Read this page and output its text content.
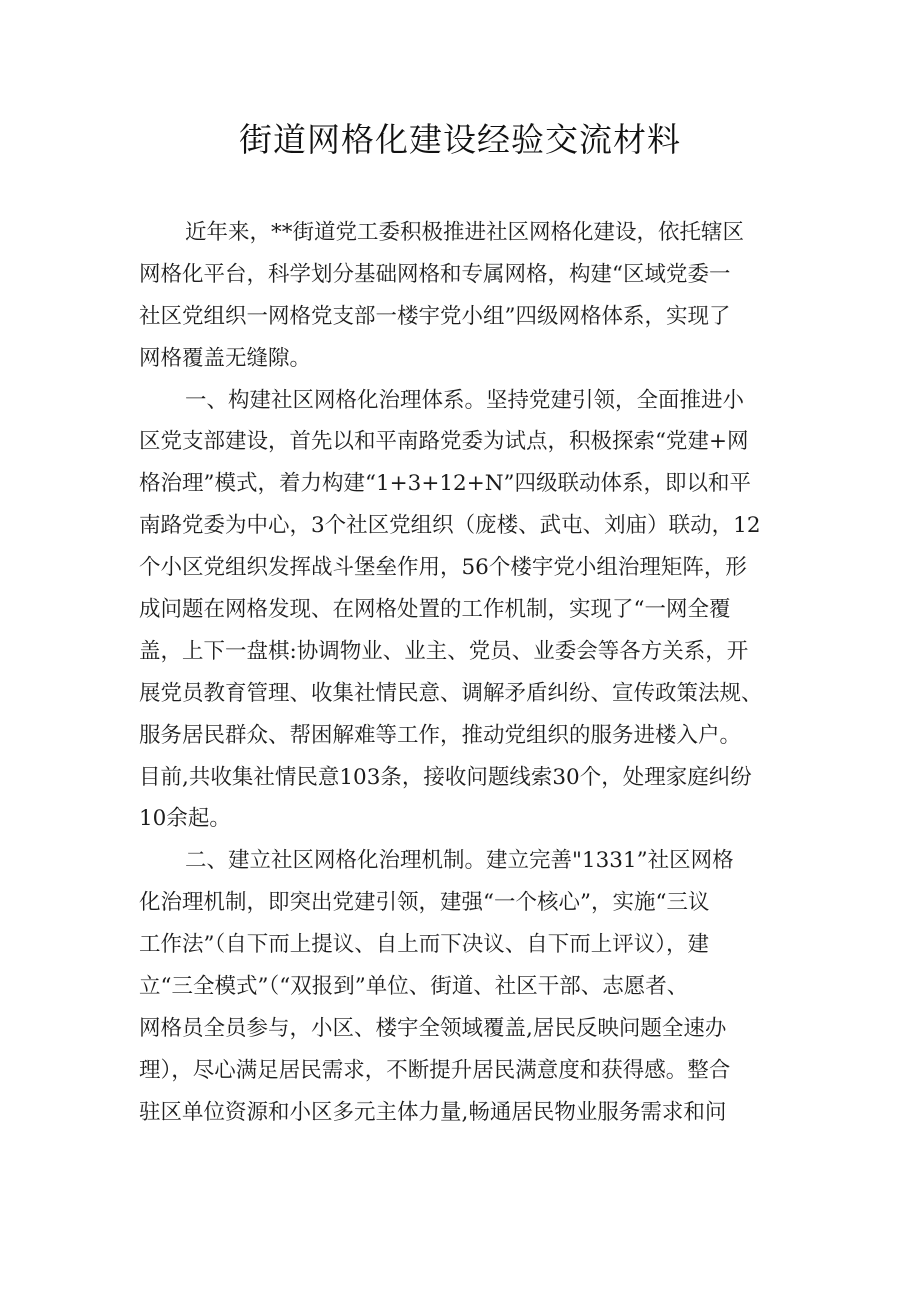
街道网格化建设经验交流材料
近年来，**街道党工委积极推进社区网格化建设，依托辖区
网格化平台，科学划分基础网格和专属网格，构建“区域党委一
社区党组织一网格党支部一楼宇党小组”四级网格体系，实现了
网格覆盖无缝隙。
一、构建社区网格化治理体系。坚持党建引领，全面推进小
区党支部建设，首先以和平南路党委为试点，积极探索“党建+网
格治理”模式，着力构建“1+3+12+N”四级联动体系，即以和平
南路党委为中心，3个社区党组织（庞楼、武屯、刘庙）联动，12
个小区党组织发挥战斗堡垒作用，56个楼宇党小组治理矩阵，形
成问题在网格发现、在网格处置的工作机制，实现了“一网全覆
盖，上下一盘棋:协调物业、业主、党员、业委会等各方关系，开
展党员教育管理、收集社情民意、调解矛盾纠纷、宣传政策法规、
服务居民群众、帮困解难等工作，推动党组织的服务进楼入户。
目前,共收集社情民意103条，接收问题线索30个，处理家庭纠纷
10余起。
二、建立社区网格化治理机制。建立完善"1331”社区网格
化治理机制，即突出党建引领，建强“一个核心”，实施“三议
工作法”（自下而上提议、自上而下决议、自下而上评议），建
立“三全模式”（“双报到”单位、街道、社区干部、志愿者、
网格员全员参与，小区、楼宇全领域覆盖,居民反映问题全速办
理），尽心满足居民需求，不断提升居民满意度和获得感。整合
驻区单位资源和小区多元主体力量,畅通居民物业服务需求和问
